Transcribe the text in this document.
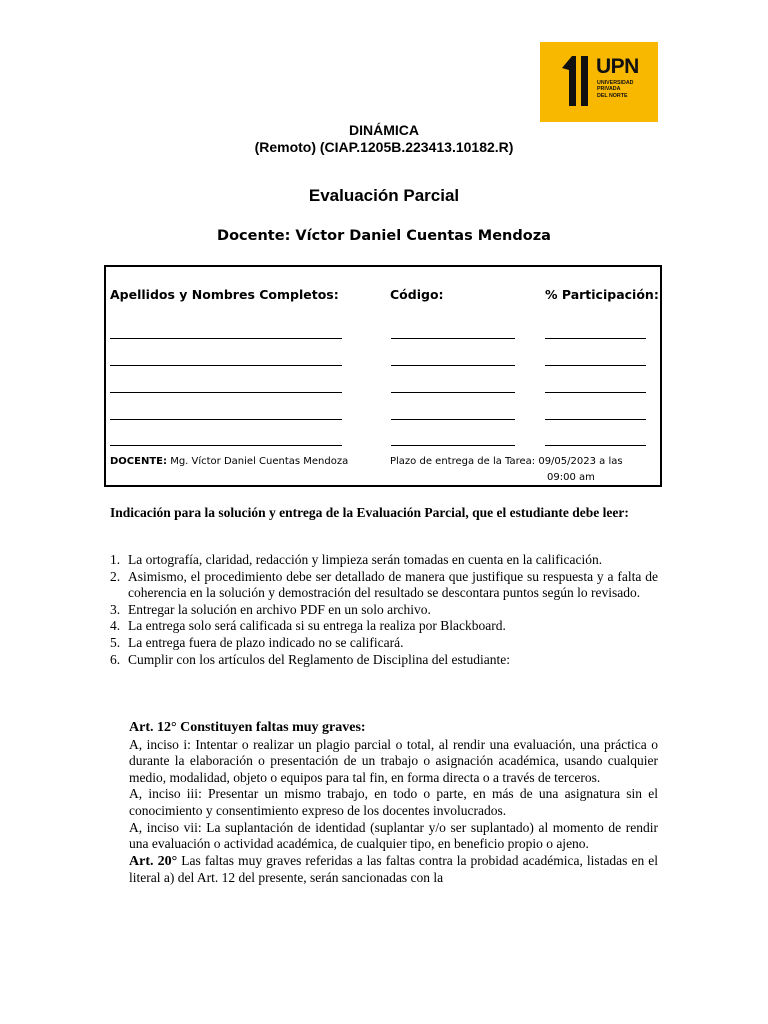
UPN
UNIVERSIDAD
PRIVADA
DEL NORTE
DINÁMICA
(Remoto) (CIAP.1205B.223413.10182.R)
Evaluación Parcial
Docente: Víctor Daniel Cuentas Mendoza
Apellidos y Nombres Completos:	Código:	% Participación:
DOCENTE: Mg. Víctor Daniel Cuentas Mendoza	Plazo de entrega de la Tarea: 09/05/2023 a las
09:00 am
Indicación para la solución y entrega de la Evaluación Parcial, que el estudiante debe leer:
1. La ortografía, claridad, redacción y limpieza serán tomadas en cuenta en la calificación.
2. Asimismo, el procedimiento debe ser detallado de manera que justifique su respuesta y a falta de coherencia en la solución y demostración del resultado se descontara puntos según lo revisado.
3. Entregar la solución en archivo PDF en un solo archivo.
4. La entrega solo será calificada si su entrega la realiza por Blackboard.
5. La entrega fuera de plazo indicado no se calificará.
6. Cumplir con los artículos del Reglamento de Disciplina del estudiante:

Art. 12° Constituyen faltas muy graves:

A, inciso i: Intentar o realizar un plagio parcial o total, al rendir una evaluación, una práctica o durante la elaboración o presentación de un trabajo o asignación académica, usando cualquier medio, modalidad, objeto o equipos para tal fin, en forma directa o a través de terceros.

A, inciso iii: Presentar un mismo trabajo, en todo o parte, en más de una asignatura sin el conocimiento y consentimiento expreso de los docentes involucrados.

A, inciso vii: La suplantación de identidad (suplantar y/o ser suplantado) al momento de rendir una evaluación o actividad académica, de cualquier tipo, en beneficio propio o ajeno.

Art. 20° Las faltas muy graves referidas a las faltas contra la probidad académica, listadas en el literal a) del Art. 12 del presente, serán sancionadas con la
